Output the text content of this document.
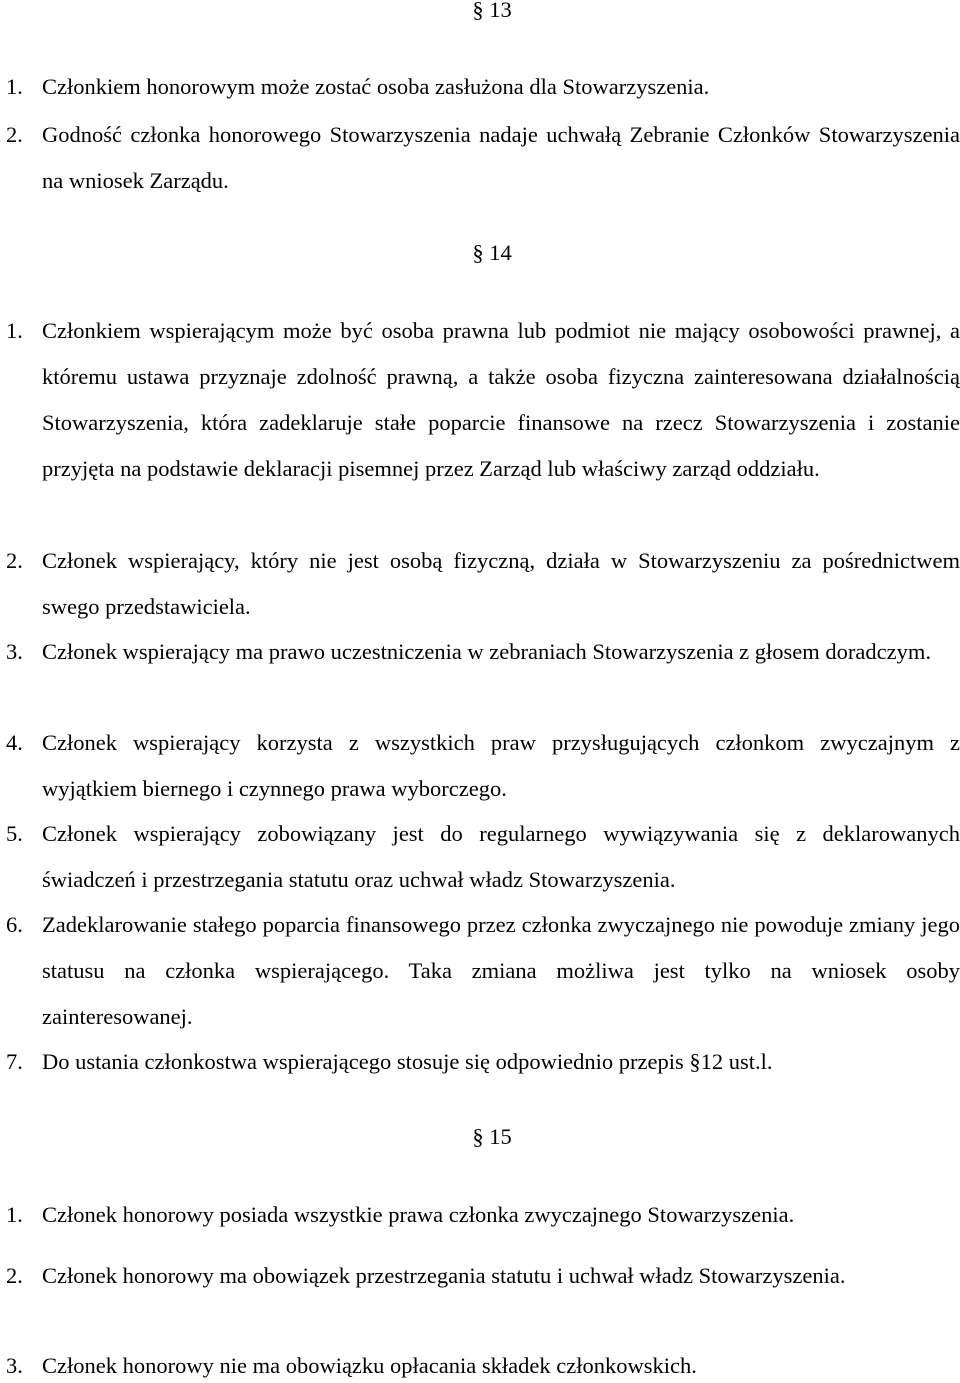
§ 13
1. Członkiem honorowym może zostać osoba zasłużona dla Stowarzyszenia.
2. Godność członka honorowego Stowarzyszenia nadaje uchwałą Zebranie Członków Stowarzyszenia na wniosek Zarządu.
§ 14
1. Członkiem wspierającym może być osoba prawna lub podmiot nie mający osobowości prawnej, a któremu ustawa przyznaje zdolność prawną, a także osoba fizyczna zainteresowana działalnością Stowarzyszenia, która zadeklaruje stałe poparcie finansowe na rzecz Stowarzyszenia i zostanie przyjęta na podstawie deklaracji pisemnej przez Zarząd lub właściwy zarząd oddziału.
2. Członek wspierający, który nie jest osobą fizyczną, działa w Stowarzyszeniu za pośrednictwem swego przedstawiciela.
3. Członek wspierający ma prawo uczestniczenia w zebraniach Stowarzyszenia z głosem doradczym.
4. Członek wspierający korzysta z wszystkich praw przysługujących członkom zwyczajnym z wyjątkiem biernego i czynnego prawa wyborczego.
5. Członek wspierający zobowiązany jest do regularnego wywiązywania się z deklarowanych świadczeń i przestrzegania statutu oraz uchwał władz Stowarzyszenia.
6. Zadeklarowanie stałego poparcia finansowego przez członka zwyczajnego nie powoduje zmiany jego statusu na członka wspierającego. Taka zmiana możliwa jest tylko na wniosek osoby zainteresowanej.
7. Do ustania członkostwa wspierającego stosuje się odpowiednio przepis §12 ust.l.
§ 15
1. Członek honorowy posiada wszystkie prawa członka zwyczajnego Stowarzyszenia.
2. Członek honorowy ma obowiązek przestrzegania statutu i uchwał władz Stowarzyszenia.
3. Członek honorowy nie ma obowiązku opłacania składek członkowskich.
